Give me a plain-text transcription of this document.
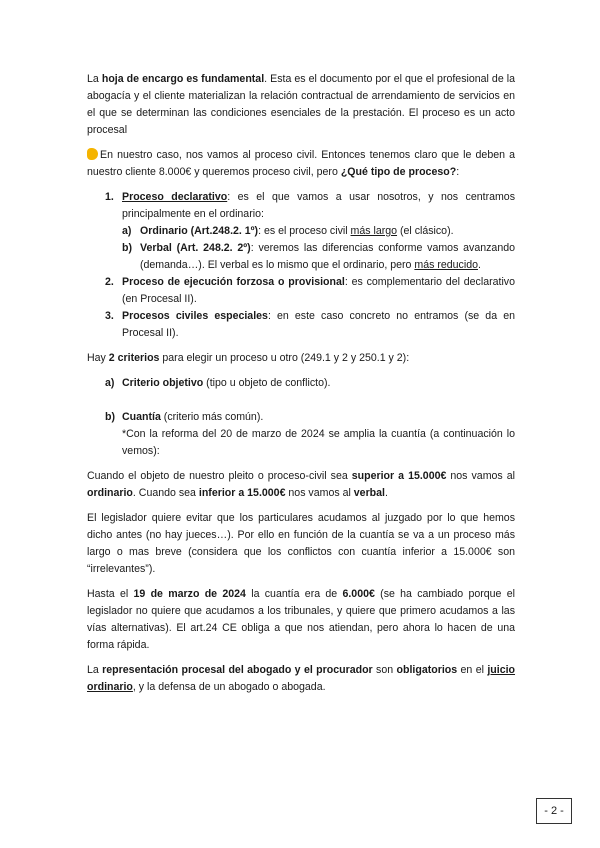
La hoja de encargo es fundamental. Esta es el documento por el que el profesional de la abogacía y el cliente materializan la relación contractual de arrendamiento de servicios en el que se determinan las condiciones esenciales de la prestación. El proceso es un acto procesal

En nuestro caso, nos vamos al proceso civil. Entonces tenemos claro que le deben a nuestro cliente 8.000€ y queremos proceso civil, pero ¿Qué tipo de proceso?:

1. Proceso declarativo: es el que vamos a usar nosotros, y nos centramos principalmente en el ordinario:
a) Ordinario (Art.248.2. 1º): es el proceso civil más largo (el clásico).
b) Verbal (Art. 248.2. 2º): veremos las diferencias conforme vamos avanzando (demanda…). El verbal es lo mismo que el ordinario, pero más reducido.
2. Proceso de ejecución forzosa o provisional: es complementario del declarativo (en Procesal II).
3. Procesos civiles especiales: en este caso concreto no entramos (se da en Procesal II).

Hay 2 criterios para elegir un proceso u otro (249.1 y 2 y 250.1 y 2):

a) Criterio objetivo (tipo u objeto de conflicto).
b) Cuantía (criterio más común).
*Con la reforma del 20 de marzo de 2024 se amplia la cuantía (a continuación lo vemos):

Cuando el objeto de nuestro pleito o proceso-civil sea superior a 15.000€ nos vamos al ordinario. Cuando sea inferior a 15.000€ nos vamos al verbal.

El legislador quiere evitar que los particulares acudamos al juzgado por lo que hemos dicho antes (no hay jueces…). Por ello en función de la cuantía se va a un proceso más largo o mas breve (considera que los conflictos con cuantía inferior a 15.000€ son “irrelevantes”).

Hasta el 19 de marzo de 2024 la cuantía era de 6.000€ (se ha cambiado porque el legislador no quiere que acudamos a los tribunales, y quiere que primero acudamos a las vías alternativas). El art.24 CE obliga a que nos atiendan, pero ahora lo hacen de una forma rápida.

La representación procesal del abogado y el procurador son obligatorios en el juicio ordinario, y la defensa de un abogado o abogada.

- 2 -
